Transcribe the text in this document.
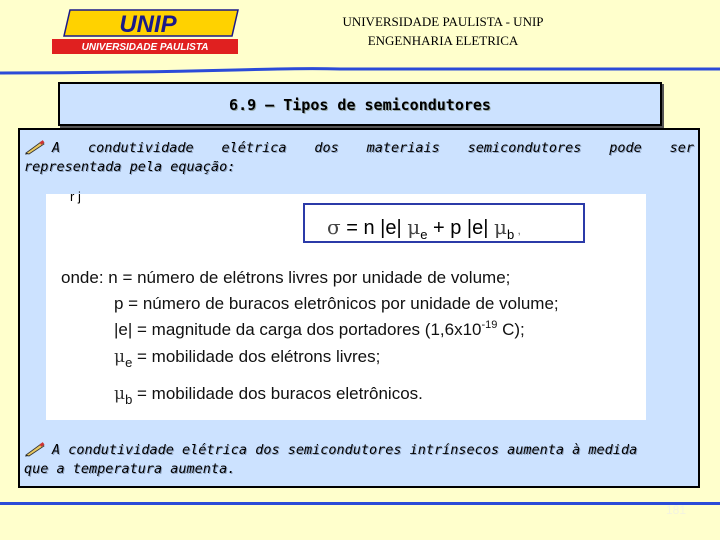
UNIP
UNIVERSIDADE PAULISTA
UNIVERSIDADE PAULISTA - UNIP
ENGENHARIA ELETRICA
6.9 – Tipos de semicondutores
A condutividade elétrica dos materiais semicondutores pode ser
representada pela equação:
A condutividade elétrica dos semicondutores intrínsecos aumenta à medida
que a temperatura aumenta.
r j
σ = n |e| $\mu_e + p$ |e| $\mu_b$ ,
onde: n = número de elétrons livres por unidade de volume;
p = número de buracos eletrônicos por unidade de volume;
|e| = magnitude da carga dos portadores ($1,6x10^{-19}$ C);
$\mu_e$ = mobilidade dos elétrons livres;
$\mu_b$ = mobilidade dos buracos eletrônicos.
181
